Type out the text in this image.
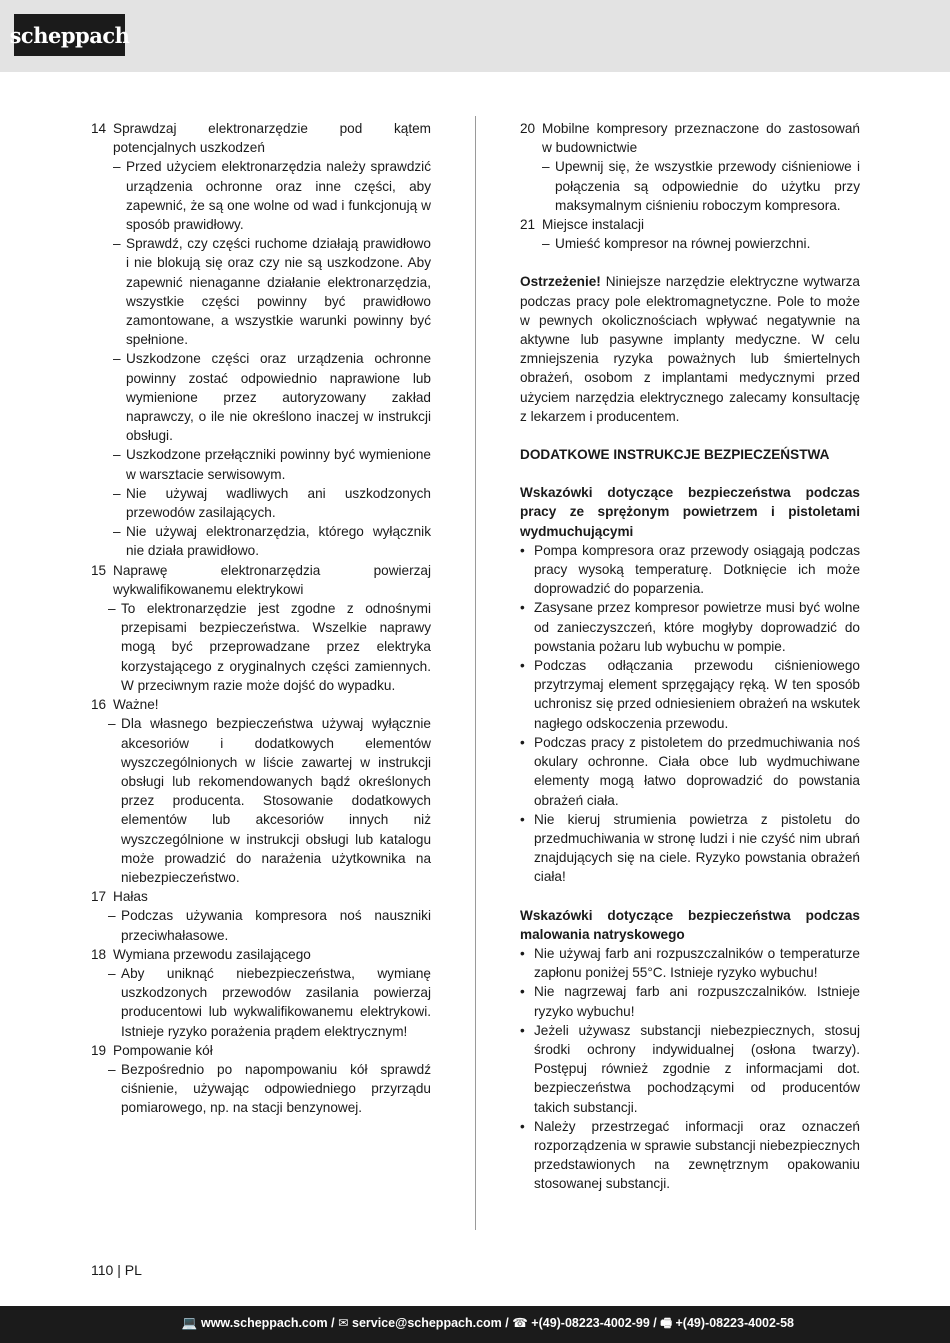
scheppach
14 Sprawdzaj elektronarzędzie pod kątem potencjalnych uszkodzeń
– Przed użyciem elektronarzędzia należy sprawdzić urządzenia ochronne oraz inne części, aby zapewnić, że są one wolne od wad i funkcjonują w sposób prawidłowy.
– Sprawdź, czy części ruchome działają prawidłowo i nie blokują się oraz czy nie są uszkodzone. Aby zapewnić nienaganne działanie elektronarzędzia, wszystkie części powinny być prawidłowo zamontowane, a wszystkie warunki powinny być spełnione.
– Uszkodzone części oraz urządzenia ochronne powinny zostać odpowiednio naprawione lub wymienione przez autoryzowany zakład naprawczy, o ile nie określono inaczej w instrukcji obsługi.
– Uszkodzone przełączniki powinny być wymienione w warsztacie serwisowym.
– Nie używaj wadliwych ani uszkodzonych przewodów zasilających.
– Nie używaj elektronarzędzia, którego wyłącznik nie działa prawidłowo.
15 Naprawę elektronarzędzia powierzaj wykwalifikowanemu elektrykowi
– To elektronarzędzie jest zgodne z odnośnymi przepisami bezpieczeństwa. Wszelkie naprawy mogą być przeprowadzane przez elektryka korzystającego z oryginalnych części zamiennych. W przeciwnym razie może dojść do wypadku.
16 Ważne!
– Dla własnego bezpieczeństwa używaj wyłącznie akcesoriów i dodatkowych elementów wyszczególnionych w liście zawartej w instrukcji obsługi lub rekomendowanych bądź określonych przez producenta. Stosowanie dodatkowych elementów lub akcesoriów innych niż wyszczególnione w instrukcji obsługi lub katalogu może prowadzić do narażenia użytkownika na niebezpieczeństwo.
17 Hałas
– Podczas używania kompresora noś nauszniki przeciwhałasowe.
18 Wymiana przewodu zasilającego
– Aby uniknąć niebezpieczeństwa, wymianę uszkodzonych przewodów zasilania powierzaj producentowi lub wykwalifikowanemu elektrykowi. Istnieje ryzyko porażenia prądem elektrycznym!
19 Pompowanie kół
– Bezpośrednio po napompowaniu kół sprawdź ciśnienie, używając odpowiedniego przyrządu pomiarowego, np. na stacji benzynowej.
20 Mobilne kompresory przeznaczone do zastosowań w budownictwie
– Upewnij się, że wszystkie przewody ciśnieniowe i połączenia są odpowiednie do użytku przy maksymalnym ciśnieniu roboczym kompresora.
21 Miejsce instalacji
– Umieść kompresor na równej powierzchni.

Ostrzeżenie! Niniejsze narzędzie elektryczne wytwarza podczas pracy pole elektromagnetyczne. Pole to może w pewnych okolicznościach wpływać negatywnie na aktywne lub pasywne implanty medyczne. W celu zmniejszenia ryzyka poważnych lub śmiertelnych obrażeń, osobom z implantami medycznymi przed użyciem narzędzia elektrycznego zalecamy konsultację z lekarzem i producentem.

DODATKOWE INSTRUKCJE BEZPIECZEŃSTWA

Wskazówki dotyczące bezpieczeństwa podczas pracy ze sprężonym powietrzem i pistoletami wydmuchującymi

• Pompa kompresora oraz przewody osiągają podczas pracy wysoką temperaturę. Dotknięcie ich może doprowadzić do poparzenia.
• Zasysane przez kompresor powietrze musi być wolne od zanieczyszczeń, które mogłyby doprowadzić do powstania pożaru lub wybuchu w pompie.
• Podczas odłączania przewodu ciśnieniowego przytrzymaj element sprzęgający ręką. W ten sposób uchronisz się przed odniesieniem obrażeń na wskutek nagłego odskoczenia przewodu.
• Podczas pracy z pistoletem do przedmuchiwania noś okulary ochronne. Ciała obce lub wydmuchiwane elementy mogą łatwo doprowadzić do powstania obrażeń ciała.
• Nie kieruj strumienia powietrza z pistoletu do przedmuchiwania w stronę ludzi i nie czyść nim ubrań znajdujących się na ciele. Ryzyko powstania obrażeń ciała!

Wskazówki dotyczące bezpieczeństwa podczas malowania natryskowego

• Nie używaj farb ani rozpuszczalników o temperaturze zapłonu poniżej 55°C. Istnieje ryzyko wybuchu!
• Nie nagrzewaj farb ani rozpuszczalników. Istnieje ryzyko wybuchu!
• Jeżeli używasz substancji niebezpiecznych, stosuj środki ochrony indywidualnej (osłona twarzy). Postępuj również zgodnie z informacjami dot. bezpieczeństwa pochodzącymi od producentów takich substancji.
• Należy przestrzegać informacji oraz oznaczeń rozporządzenia w sprawie substancji niebezpiecznych przedstawionych na zewnętrznym opakowaniu stosowanej substancji.
110 | PL
💻 www.scheppach.com / ✉ service@scheppach.com / ☎ +(49)-08223-4002-99 / 🖷 +(49)-08223-4002-58
